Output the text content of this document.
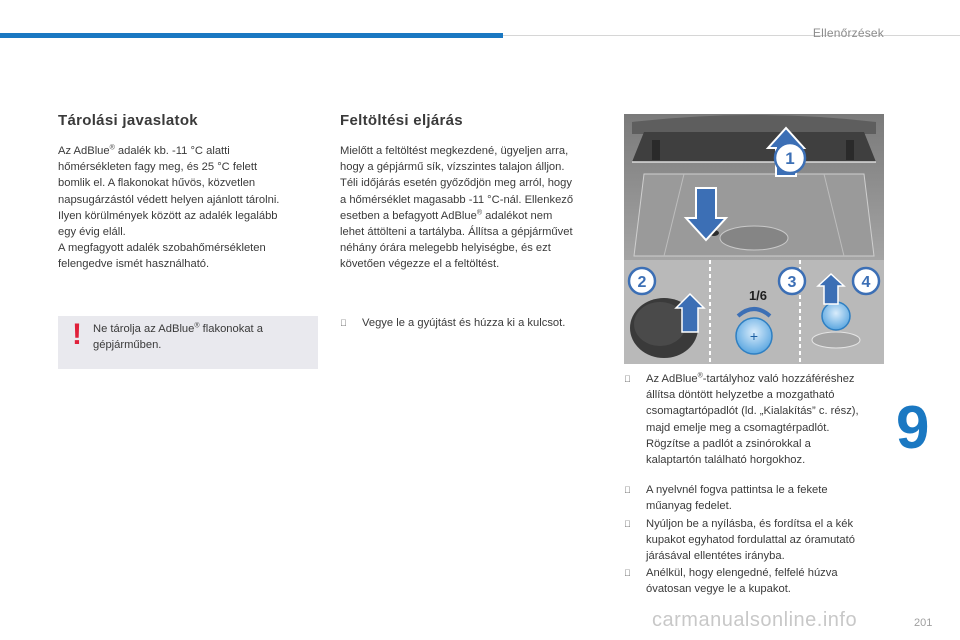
Ellenőrzések
9
201
carmanualsonline.info
Tárolási javaslatok

Az AdBlue® adalék kb. -11 °C alatti

hőmérsékleten fagy meg, és 25 °C felett

bomlik el. A flakonokat hűvös, közvetlen

napsugárzástól védett helyen ajánlott tárolni.

Ilyen körülmények között az adalék legalább

egy évig eláll.

A megfagyott adalék szobahőmérsékleten

felengedve ismét használható.

! Ne tárolja az AdBlue® flakonokat a
gépjárműben.
Feltöltési eljárás

Mielőtt a feltöltést megkezdené, ügyeljen arra,

hogy a gépjármű sík, vízszintes talajon álljon.

Téli időjárás esetén győződjön meg arról, hogy

a hőmérséklet magasabb -11 °C-nál. Ellenkező

esetben a befagyott AdBlue® adalékot nem

lehet áttölteni a tartályba. Állítsa a gépjárművet

néhány órára melegebb helyiségbe, és ezt

követően végezze el a feltöltést.

Vegye le a gyújtást és húzza ki a kulcsot.
1
2
1/6
+
3	4
Az AdBlue®-tartályhoz való hozzáféréshez
állítsa döntött helyzetbe a mozgatható
csomagtartópadlót (ld. „Kialakítás” c. rész),
majd emelje meg a csomagtérpadlót.
Rögzítse a padlót a zsinórokkal a
kalaptartón található horgokhoz.
A nyelvnél fogva pattintsa le a fekete
műanyag fedelet.
Nyúljon be a nyílásba, és fordítsa el a kék
kupakot egyhatod fordulattal az óramutató
járásával ellentétes irányba.
Anélkül, hogy elengedné, felfelé húzva
óvatosan vegye le a kupakot.
